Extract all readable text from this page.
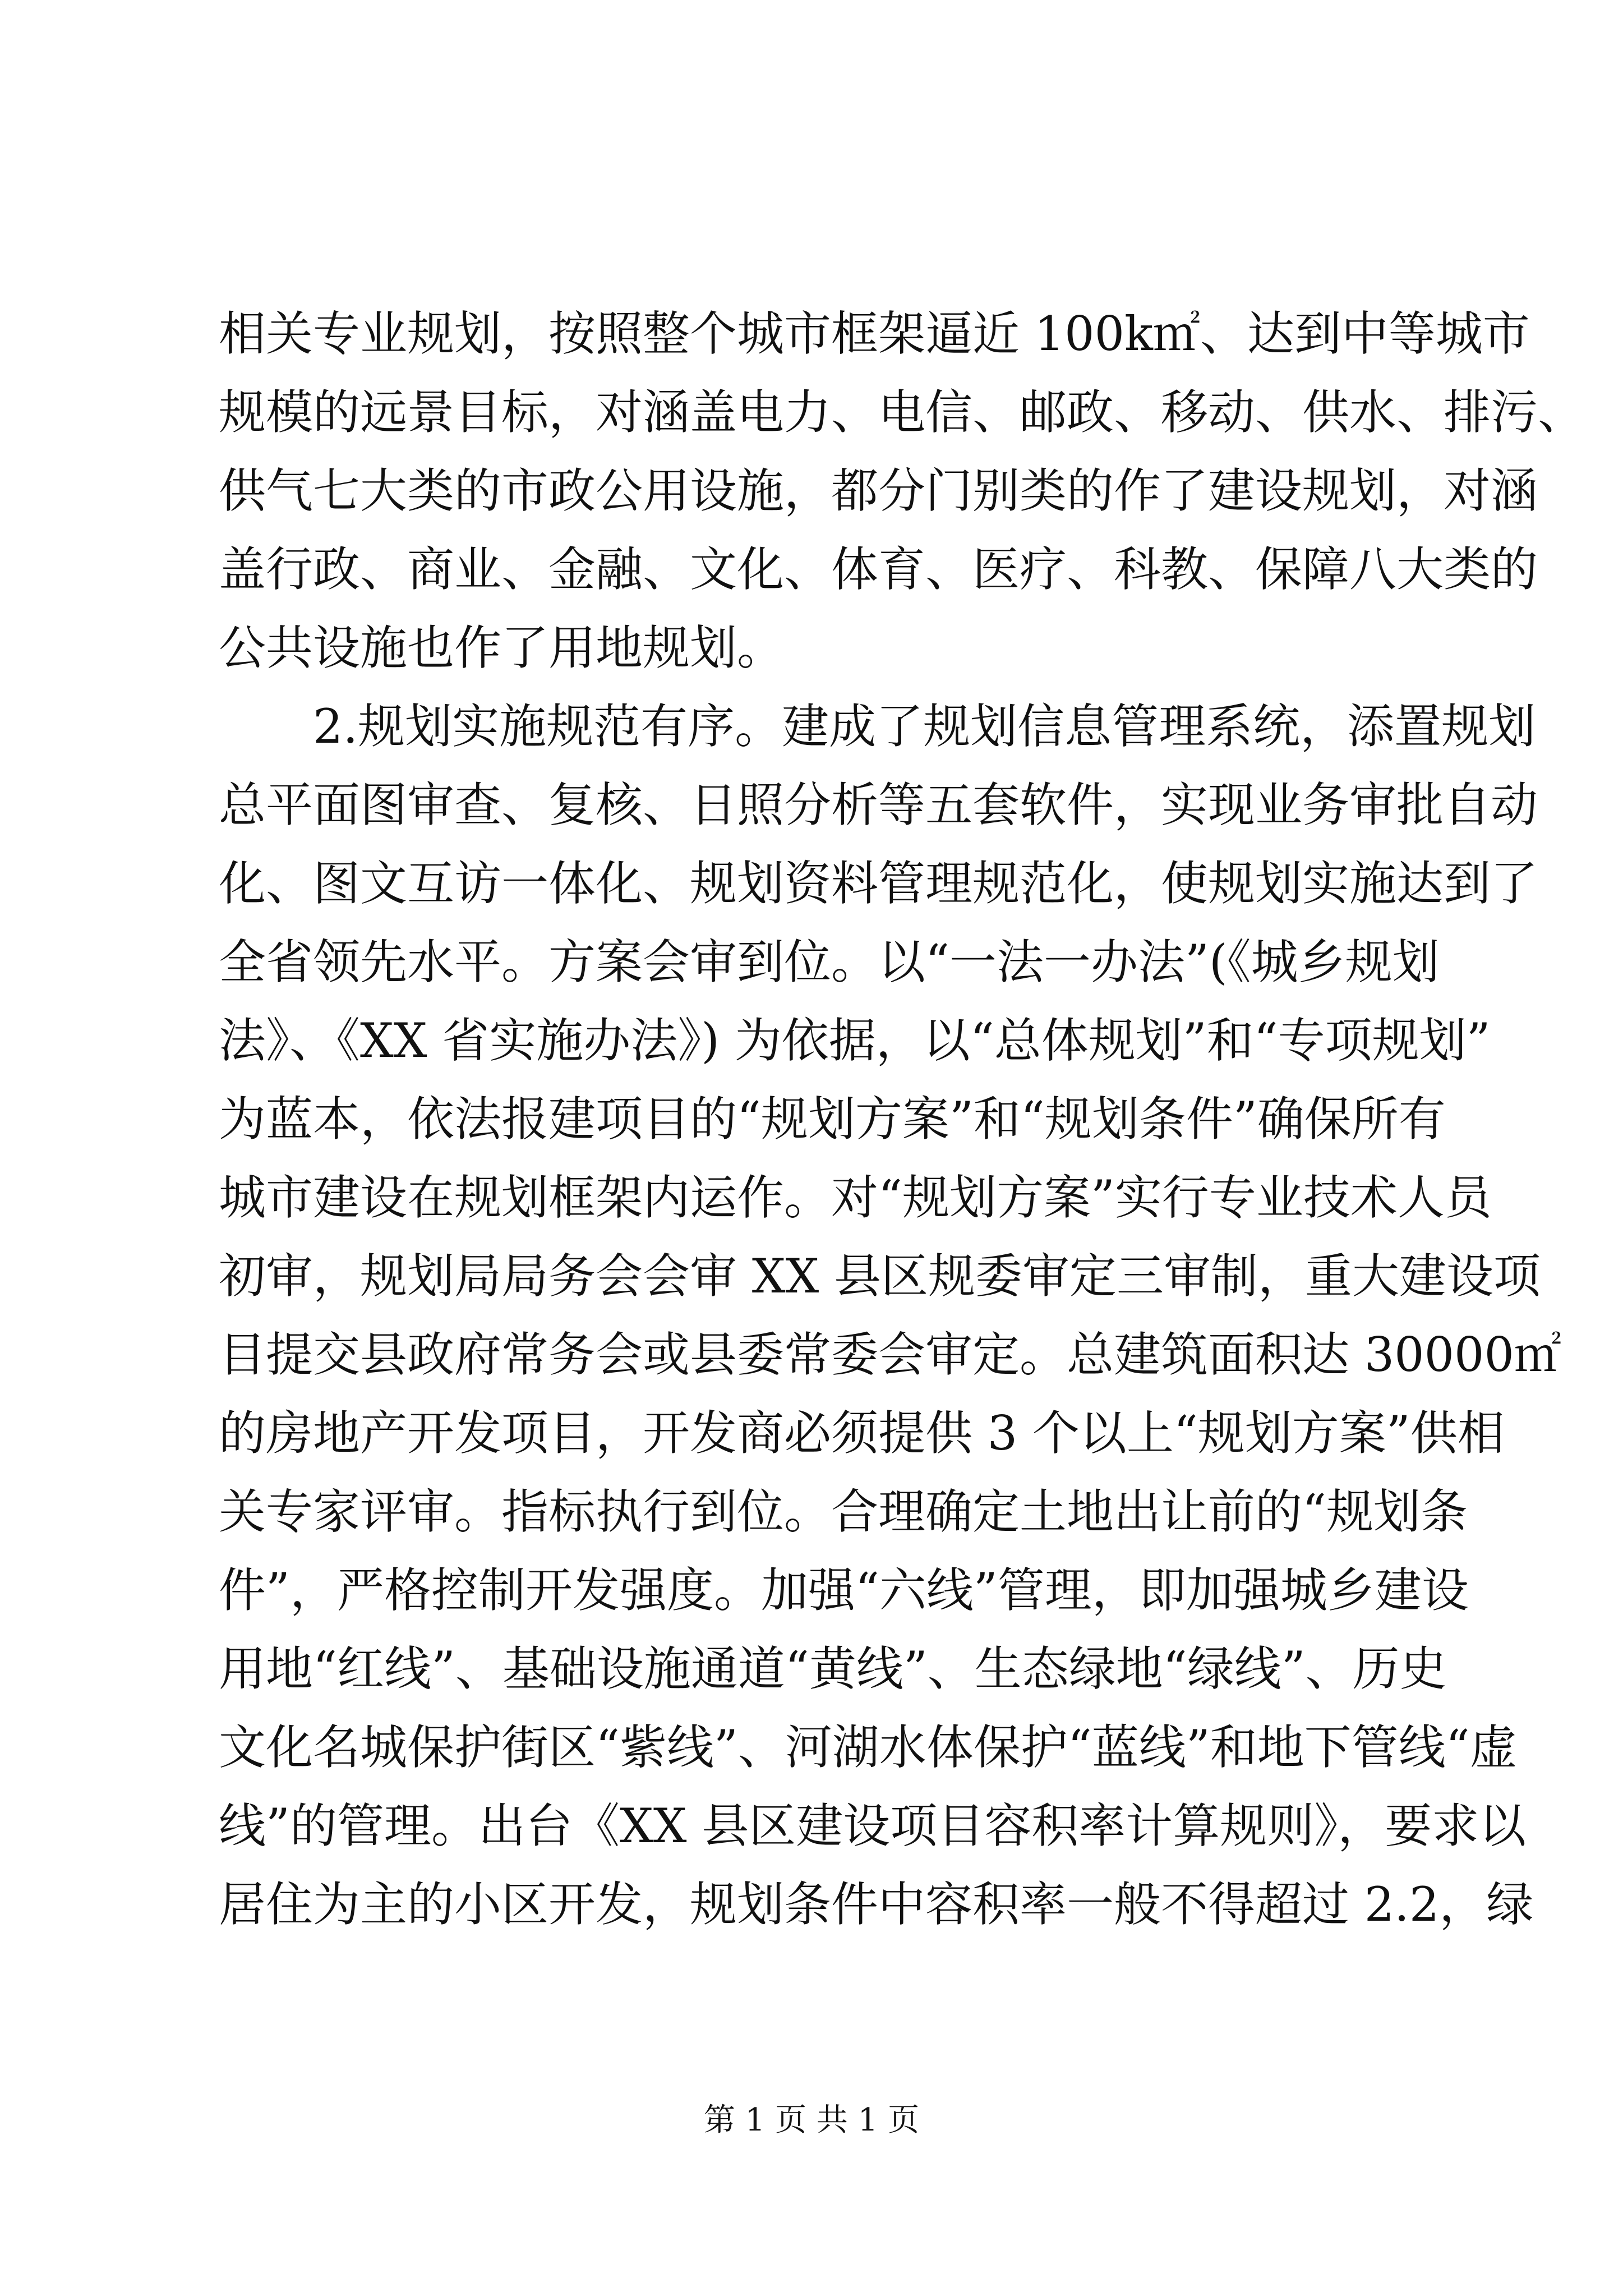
相关专业规划，按照整个城市框架逼近 100k㎡、达到中等城市
规模的远景目标，对涵盖电力、电信、邮政、移动、供水、排污、
供气七大类的市政公用设施，都分门别类的作了建设规划，对涵
盖行政、商业、金融、文化、体育、医疗、科教、保障八大类的
公共设施也作了用地规划。
2.规划实施规范有序。建成了规划信息管理系统，添置规划
总平面图审查、复核、日照分析等五套软件，实现业务审批自动
化、图文互访一体化、规划资料管理规范化，使规划实施达到了
全省领先水平。方案会审到位。以“一法一办法”(《城乡规划
法》、《XX 省实施办法》) 为依据，以“总体规划”和“专项规划”
为蓝本，依法报建项目的“规划方案”和“规划条件”确保所有
城市建设在规划框架内运作。对“规划方案”实行专业技术人员
初审，规划局局务会会审 XX 县区规委审定三审制，重大建设项
目提交县政府常务会或县委常委会审定。总建筑面积达 30000㎡
的房地产开发项目，开发商必须提供 3 个以上“规划方案”供相
关专家评审。指标执行到位。合理确定土地出让前的“规划条
件”，严格控制开发强度。加强“六线”管理，即加强城乡建设
用地“红线”、基础设施通道“黄线”、生态绿地“绿线”、历史
文化名城保护街区“紫线”、河湖水体保护“蓝线”和地下管线“虚
线”的管理。出台《XX 县区建设项目容积率计算规则》，要求以
居住为主的小区开发，规划条件中容积率一般不得超过 2.2，绿
第 1 页 共 1 页
